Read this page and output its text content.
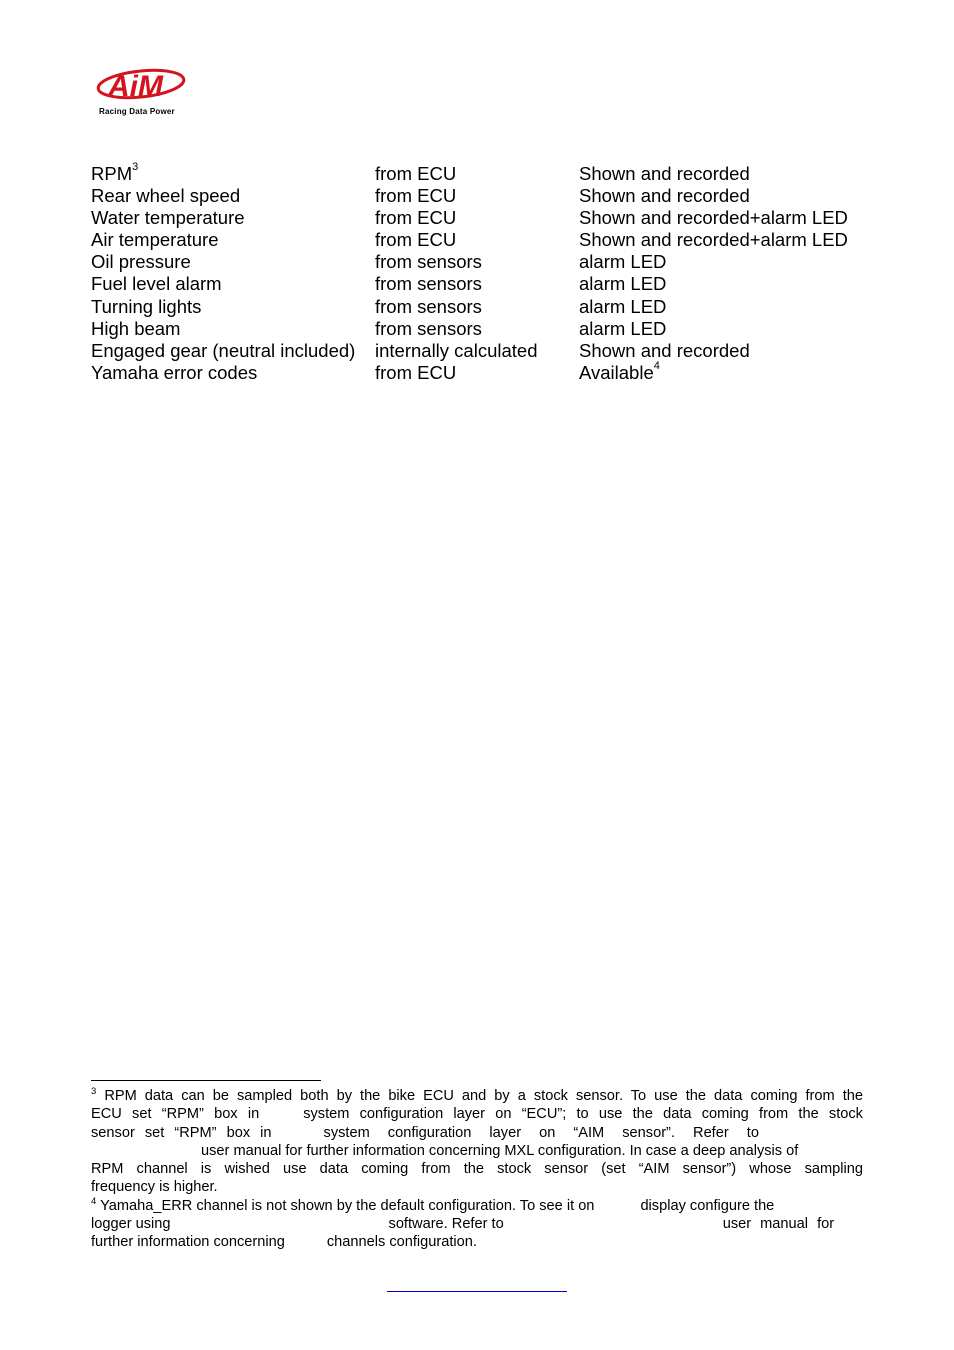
AiM
Racing Data Power
RPM$^3$	from ECU	Shown and recorded
Rear wheel speed	from ECU	Shown and recorded
Water temperature	from ECU	Shown and recorded+alarm LED
Air temperature	from ECU	Shown and recorded+alarm LED
Oil pressure	from sensors	alarm LED
Fuel level alarm	from sensors	alarm LED
Turning lights	from sensors	alarm LED
High beam	from sensors	alarm LED
Engaged gear (neutral included)	internally calculated	Shown and recorded
Yamaha error codes	from ECU	Available$^4$
$^3$ RPM data can be sampled both by the bike ECU and by a stock sensor. To use the data coming from the
ECU set “RPM” box in	system configuration layer on “ECU”; to use the data coming from the stock
sensor set “RPM” box in	system configuration layer on “AIM sensor”. Refer to
user manual for further information concerning MXL configuration. In case a deep analysis of
RPM channel is wished use data coming from the stock sensor (set “AIM sensor”) whose sampling
frequency is higher.
$^4$ Yamaha_ERR channel is not shown by the default configuration. To see it on	display configure the
logger using	software. Refer to	user manual for
further information concerning	channels configuration.
